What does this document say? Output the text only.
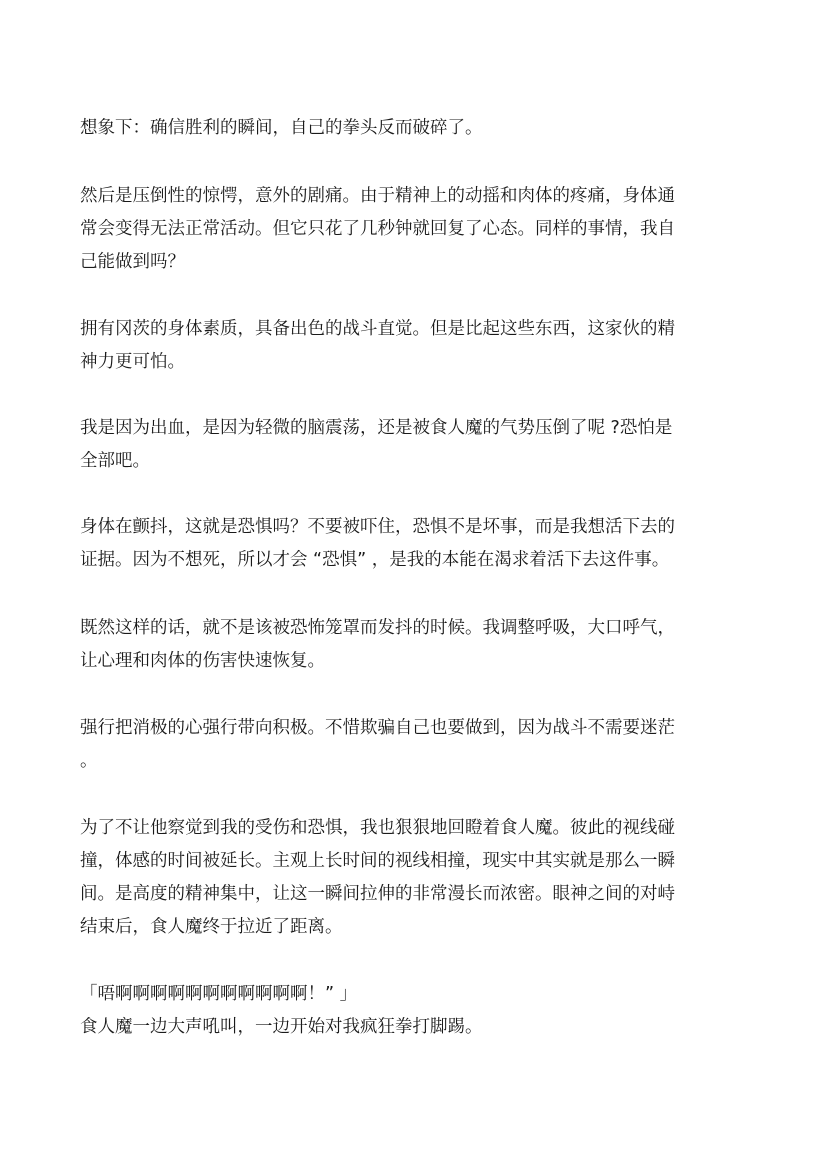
想象下：确信胜利的瞬间，自己的拳头反而破碎了。

然后是压倒性的惊愕，意外的剧痛。由于精神上的动摇和肉体的疼痛，身体通
常会变得无法正常活动。但它只花了几秒钟就回复了心态。同样的事情，我自
己能做到吗？

拥有冈茨的身体素质，具备出色的战斗直觉。但是比起这些东西，这家伙的精
神力更可怕。

我是因为出血，是因为轻微的脑震荡，还是被食人魔的气势压倒了呢 ?恐怕是
全部吧。

身体在颤抖，这就是恐惧吗？不要被吓住，恐惧不是坏事，而是我想活下去的
证据。因为不想死，所以才会 “恐惧” ，是我的本能在渴求着活下去这件事。

既然这样的话，就不是该被恐怖笼罩而发抖的时候。我调整呼吸，大口呼气，
让心理和肉体的伤害快速恢复。

强行把消极的心强行带向积极。不惜欺骗自己也要做到，因为战斗不需要迷茫
。

为了不让他察觉到我的受伤和恐惧，我也狠狠地回瞪着食人魔。彼此的视线碰
撞，体感的时间被延长。主观上长时间的视线相撞，现实中其实就是那么一瞬
间。是高度的精神集中，让这一瞬间拉伸的非常漫长而浓密。眼神之间的对峙
结束后，食人魔终于拉近了距离。

「唔啊啊啊啊啊啊啊啊啊啊啊！” 」
食人魔一边大声吼叫，一边开始对我疯狂拳打脚踢。
